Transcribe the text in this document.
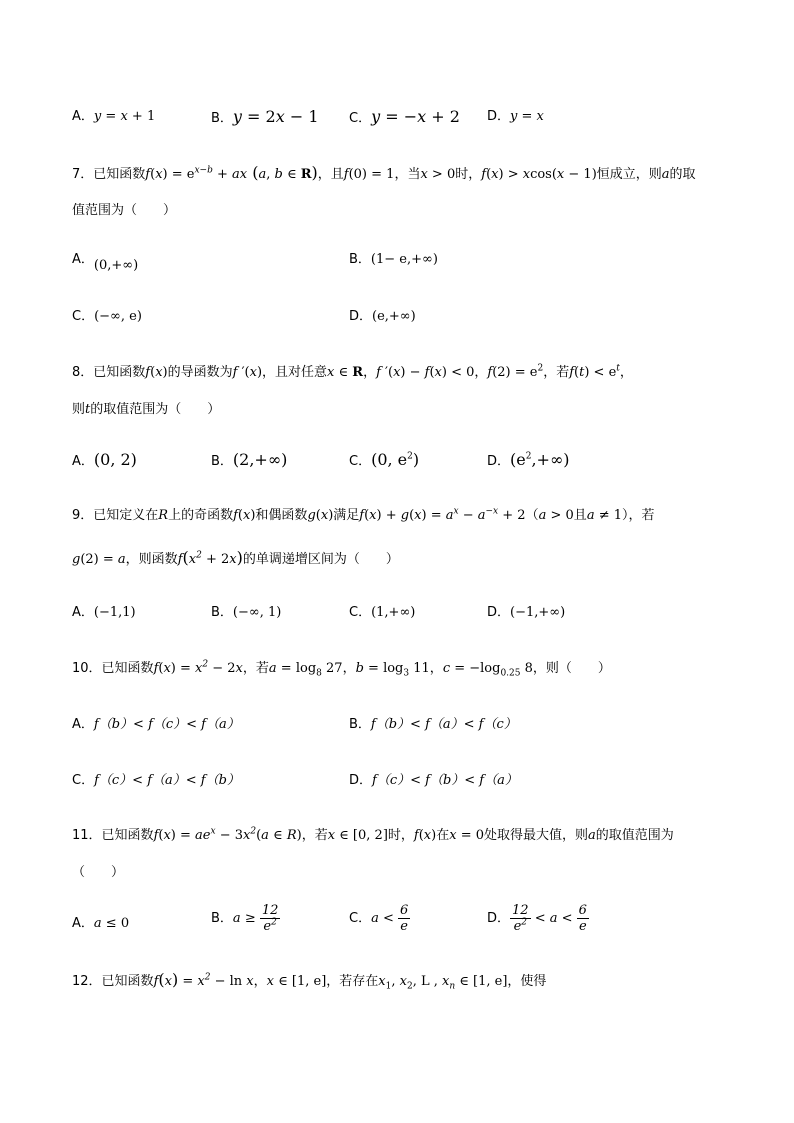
A．y = x + 1	B．y = 2x − 1 C．y = −x + 2 D．y = x
7．已知函数$f(x) = e^{x-b}$ + ax (a, b ∈ R)，且f(0) = 1，当x > 0时，f(x) > xcos(x − 1)恒成立，则a的取
值范围为（　　）
A．(0,+∞)	B．(1− e,+∞)
C．(−∞, e)	D．(e,+∞)
8．已知函数f(x)的导函数为f ′(x)，且对任意x ∈ R，f ′(x) − f(x) < 0，$f(2) = e^2$，若$f(t) < e^t$，
则t的取值范围为（　　）
A．(0, 2)	B．(2,+∞)	C．(0, $e^2$)	D．$(e^2,+\infty)$
9．已知定义在R上的奇函数f(x)和偶函数g(x)满足$f(x) + g(x) = a^x - a^{-x} + 2(a > 0$且a ≠ 1），若
g(2) = a，则函数$f(x^2 + 2x)$的单调递增区间为（　　）
A．(−1,1)	B．(−∞, 1)	C．(1,+∞)	D．(−1,+∞)
10．已知函数$f(x) = x^2 - 2x$，若$a = \log_8 27$，$b = \log_3 11$，$c = -\log_{0.25}$ 8，则（　　）
A．f（b）< f（c）< f（a）	B．f（b）< f（a）< f（c）
C．f（c）< f（a）< f（b）	D．f（c）< f（b）< f（a）
11．已知函数$f(x) = ae^x - 3x^2(a$ ∈ R)，若x ∈ [0, 2]时，f(x)在x = 0处取得最大值，则a的取值范围为
（　　）
A．a ≤ 0	B．$a \ge \frac{12}{e^2}$	C．$a < \frac{6}{e}$	D． $\frac{12}{e^2} < a < \frac{6}{e}$
12．已知函数$f(x) = x^2 - \ln x$，x ∈ [1, e]，若存在$x_1$, $x_2$, L , $x_n$ ∈ [1, e]，使得
